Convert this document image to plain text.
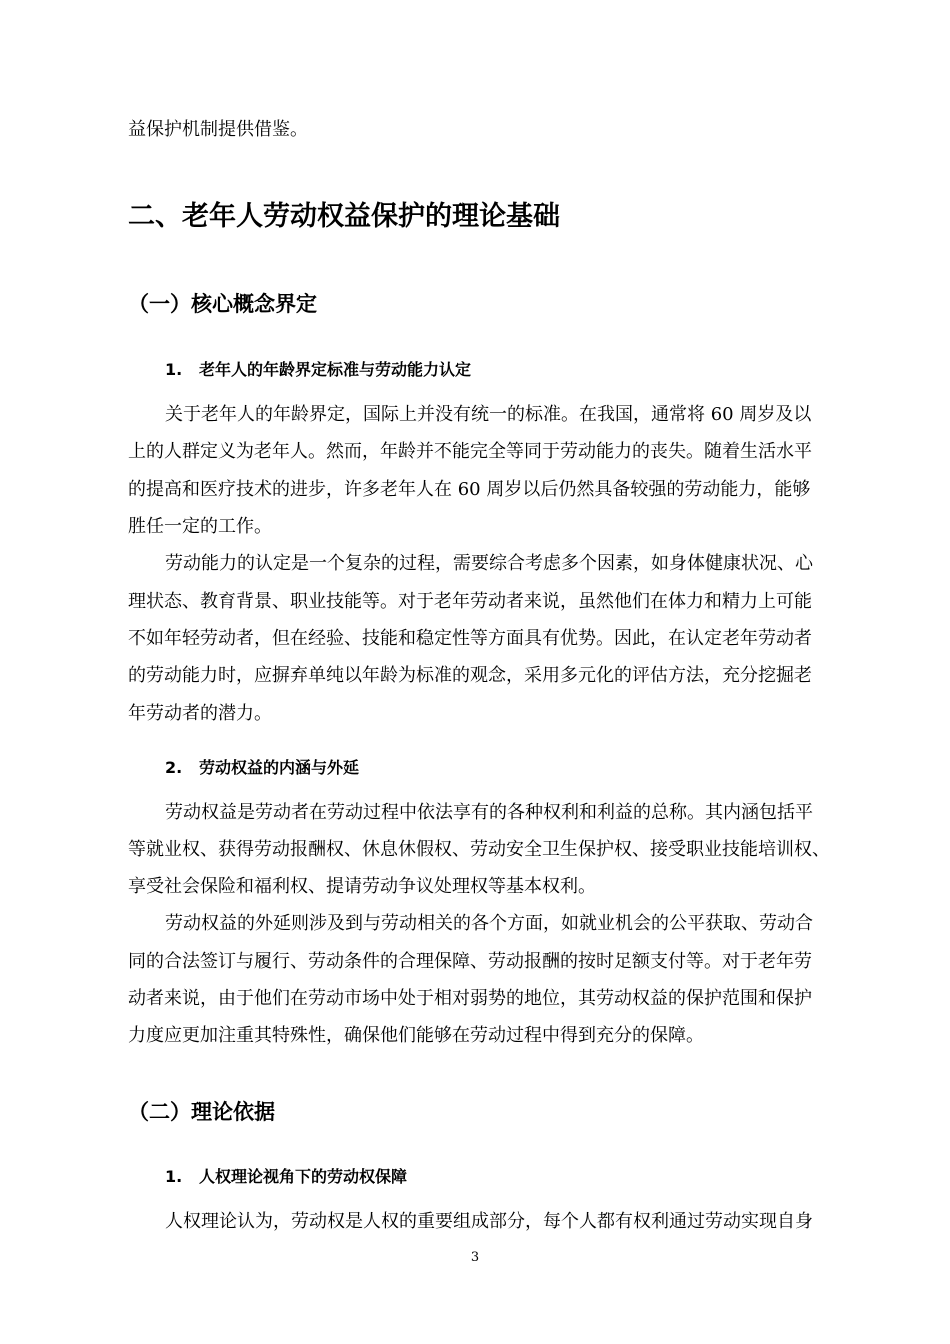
益保护机制提供借鉴。
二、老年人劳动权益保护的理论基础
（一）核心概念界定
1. 老年人的年龄界定标准与劳动能力认定
关于老年人的年龄界定，国际上并没有统一的标准。在我国，通常将 60 周岁及以
上的人群定义为老年人。然而，年龄并不能完全等同于劳动能力的丧失。随着生活水平
的提高和医疗技术的进步，许多老年人在 60 周岁以后仍然具备较强的劳动能力，能够
胜任一定的工作。
劳动能力的认定是一个复杂的过程，需要综合考虑多个因素，如身体健康状况、心
理状态、教育背景、职业技能等。对于老年劳动者来说，虽然他们在体力和精力上可能
不如年轻劳动者，但在经验、技能和稳定性等方面具有优势。因此，在认定老年劳动者
的劳动能力时，应摒弃单纯以年龄为标准的观念，采用多元化的评估方法，充分挖掘老
年劳动者的潜力。
2. 劳动权益的内涵与外延
劳动权益是劳动者在劳动过程中依法享有的各种权利和利益的总称。其内涵包括平
等就业权、获得劳动报酬权、休息休假权、劳动安全卫生保护权、接受职业技能培训权、
享受社会保险和福利权、提请劳动争议处理权等基本权利。
劳动权益的外延则涉及到与劳动相关的各个方面，如就业机会的公平获取、劳动合
同的合法签订与履行、劳动条件的合理保障、劳动报酬的按时足额支付等。对于老年劳
动者来说，由于他们在劳动市场中处于相对弱势的地位，其劳动权益的保护范围和保护
力度应更加注重其特殊性，确保他们能够在劳动过程中得到充分的保障。
（二）理论依据
1. 人权理论视角下的劳动权保障
人权理论认为，劳动权是人权的重要组成部分，每个人都有权利通过劳动实现自身
3
